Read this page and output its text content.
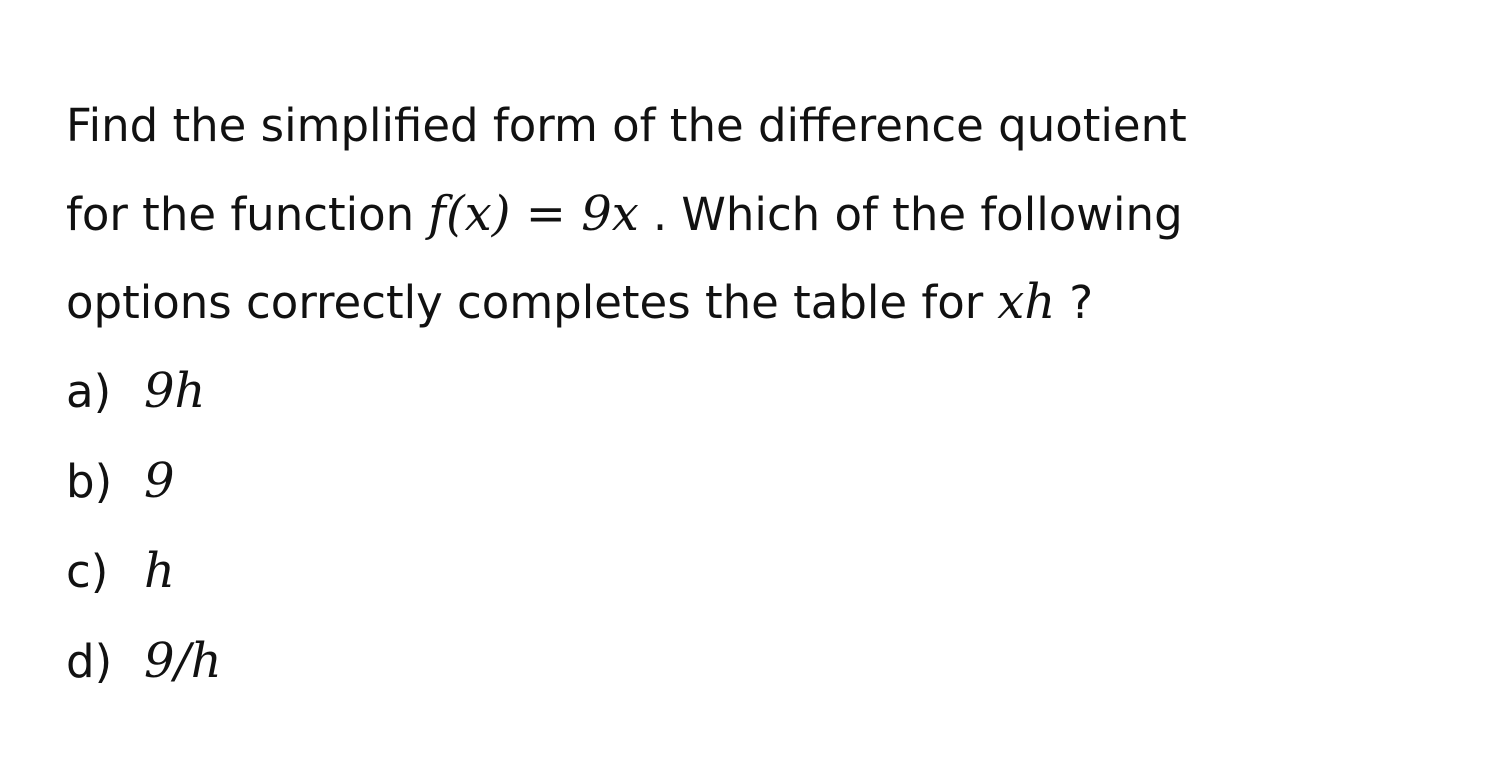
Find the simplified form of the difference quotient
for the function f(x) = 9x . Which of the following
options correctly completes the table for xh ?
a) 9h
b) 9
c) h
d) 9/h
